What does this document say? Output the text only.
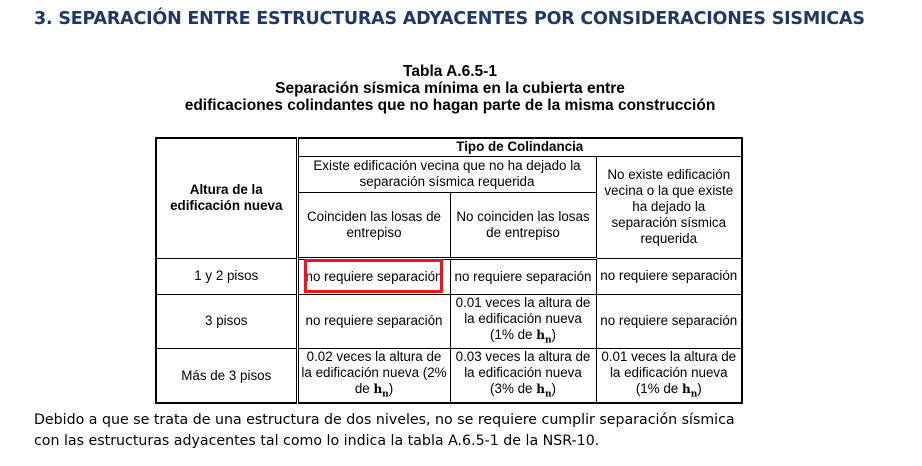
3. SEPARACIÓN ENTRE ESTRUCTURAS ADYACENTES POR CONSIDERACIONES SISMICAS
Tabla A.6.5-1
Separación sísmica mínima en la cubierta entre
edificaciones colindantes que no hagan parte de la misma construcción
Altura de la edificación nueva	Tipo de Colindancia		
	Existe edificación vecina que no ha dejado la separación sísmica requerida		No existe edificación vecina o la que existe ha dejado la separación sísmica requerida
	Coinciden las losas de entrepiso	No coinciden las losas de entrepiso	
1 y 2 pisos	no requiere separación	no requiere separación	no requiere separación
3 pisos	no requiere separación	0.01 veces la altura de la edificación nueva (1% de $h_n$)	no requiere separación
Más de 3 pisos	0.02 veces la altura de la edificación nueva (2% de $h_n$)	0.03 veces la altura de la edificación nueva (3% de $h_n$)	0.01 veces la altura de la edificación nueva (1% de $h_n$)
Debido a que se trata de una estructura de dos niveles, no se requiere cumplir separación sísmica
con las estructuras adyacentes tal como lo indica la tabla A.6.5-1 de la NSR-10.
